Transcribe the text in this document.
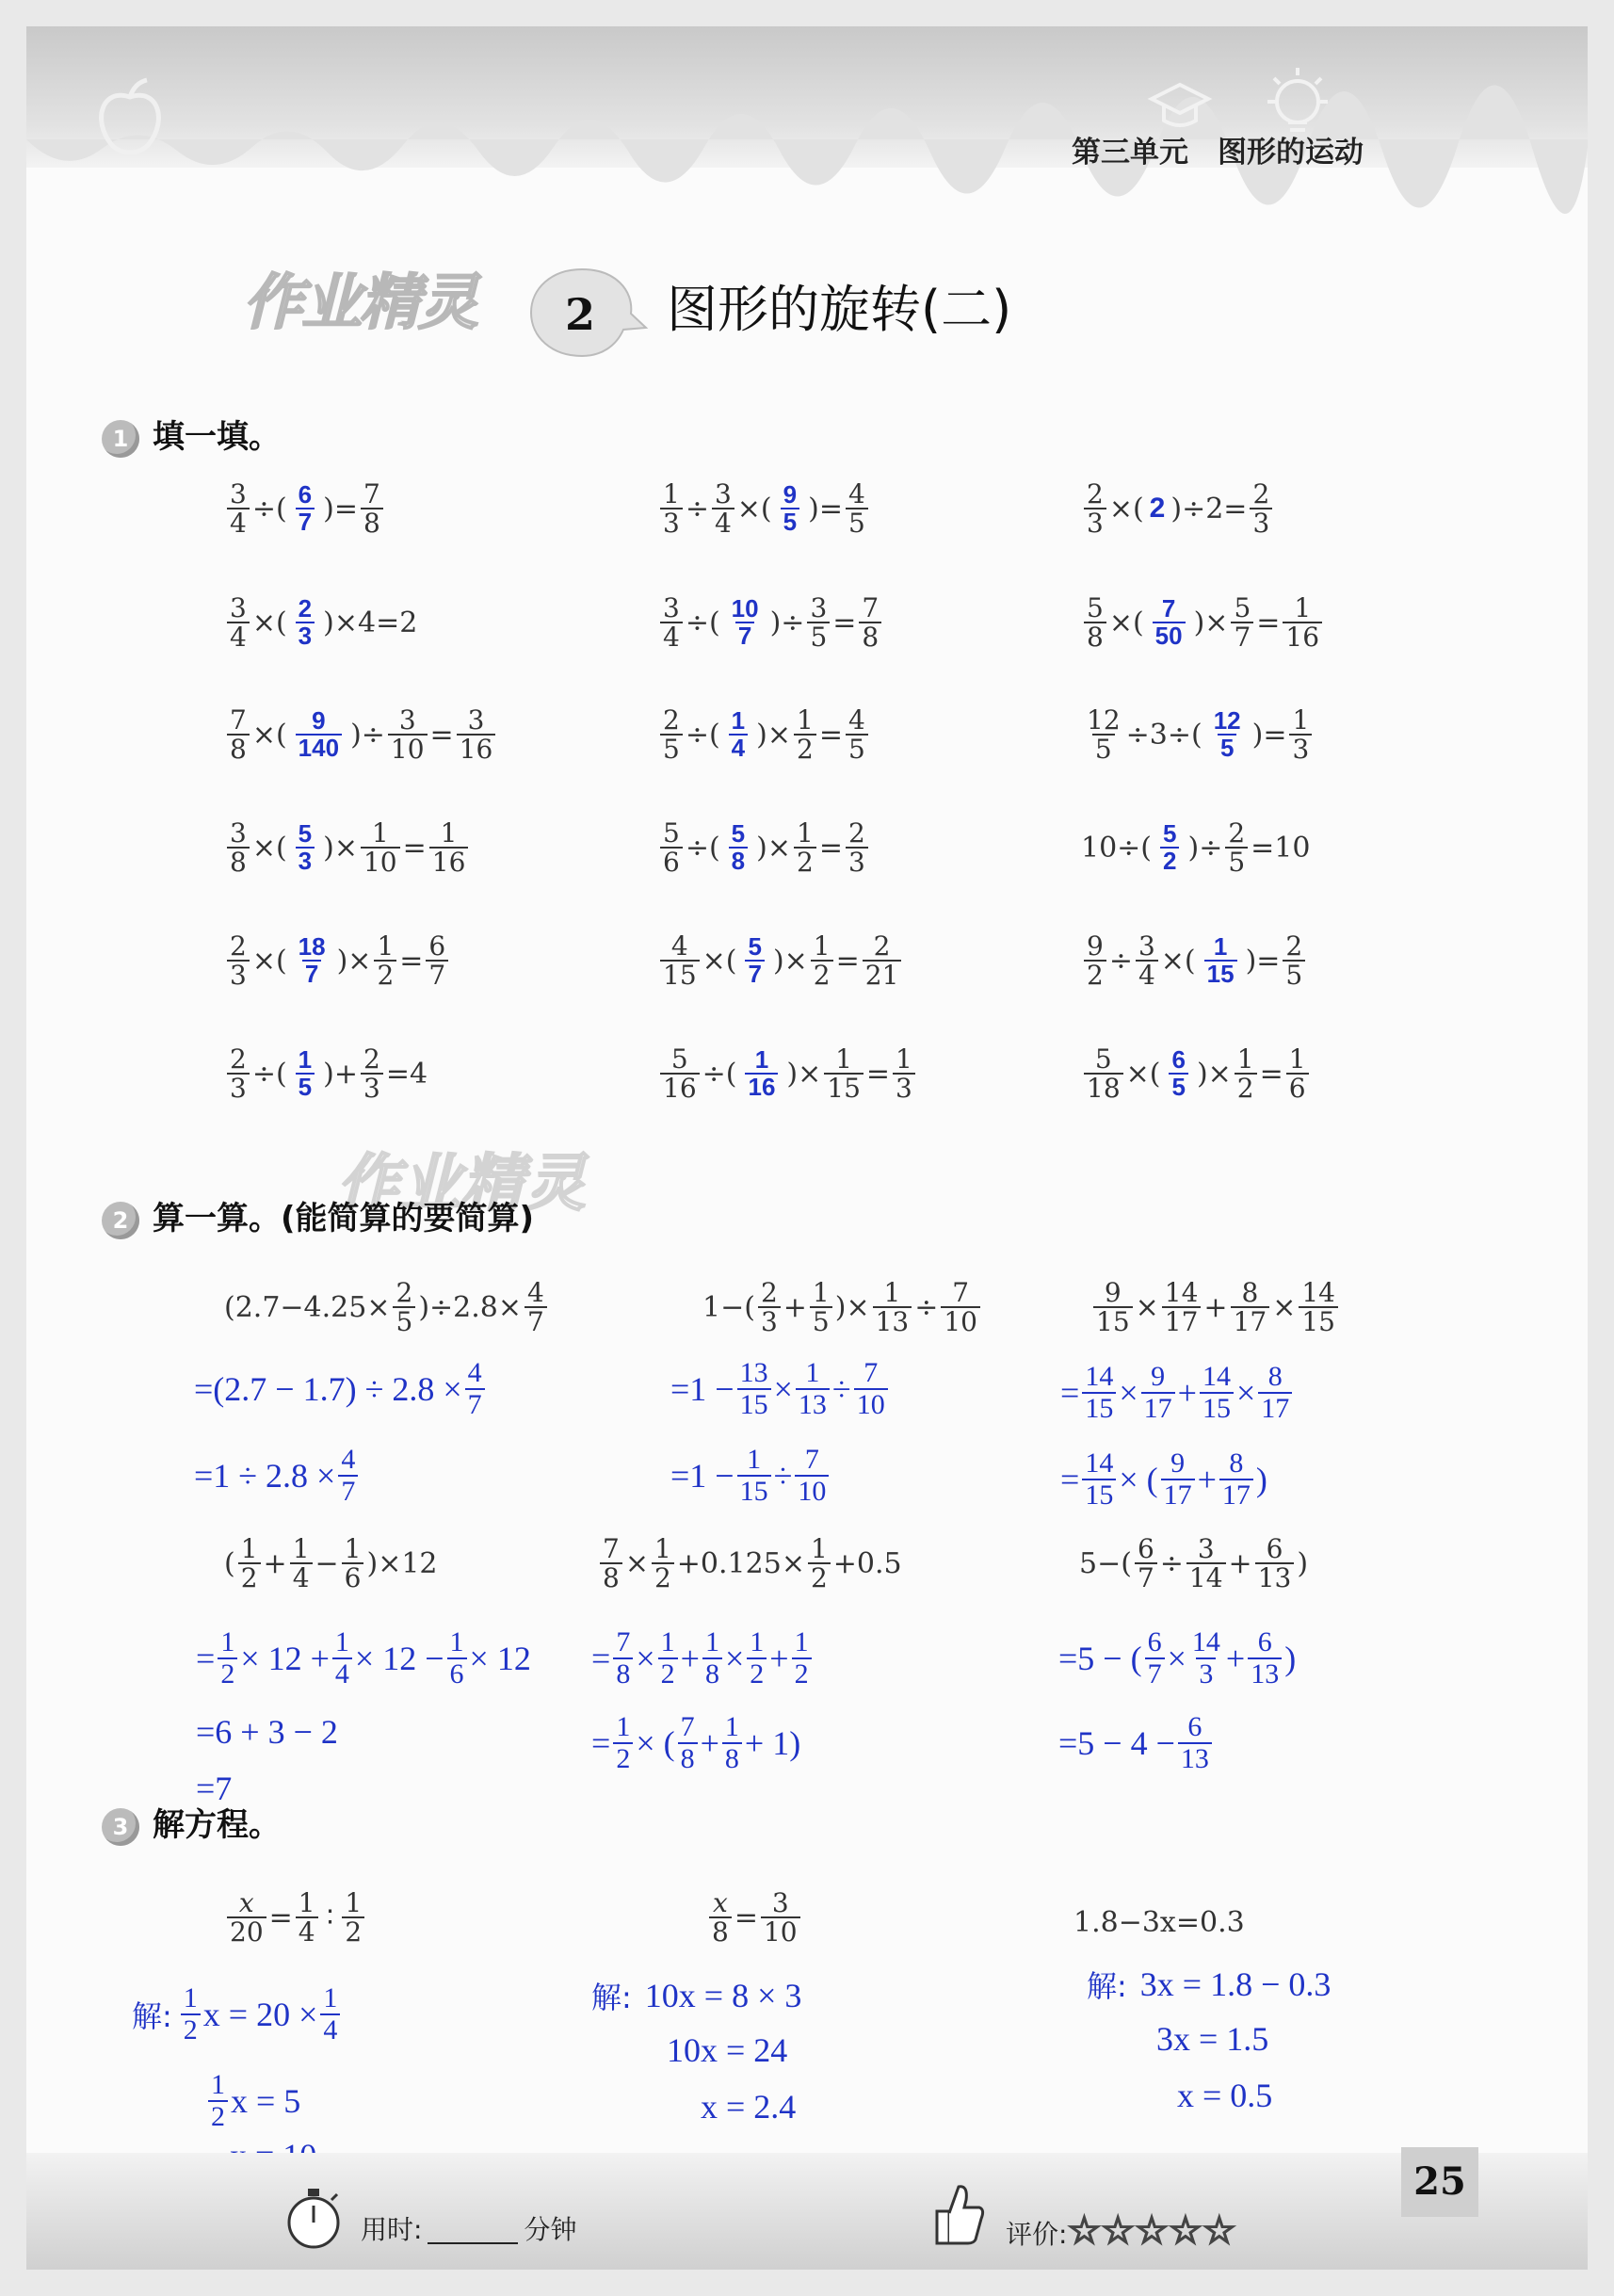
第三单元　图形的运动
作业精灵 2 图形的旋转(二)
1 填一填。
$\frac{3}{4}$ ÷( $\frac{6}{7}$ )= $\frac{7}{8}$	$\frac{1}{3} \div \frac{3}{4}$ ×( $\frac{9}{5}$ )= $\frac{4}{5}$	$\frac{2}{3}$ ×( 2 )$\div 2= \frac{2}{3}$
$\frac{3}{4}$ ×( $\frac{2}{3} )\times 4=2$	$\frac{3}{4}$ ÷( $\frac{10}{7}$ )÷ $\frac{3}{5} = \frac{7}{8}$	$\frac{5}{8}$ ×( $\frac{7}{50}$ )× $\frac{5}{7} = \frac{1}{16}$
$\frac{7}{8}$ ×( $\frac{9}{140}$ )÷ $\frac{3}{10} = \frac{3}{16}$	$\frac{2}{5}$ ÷( $\frac{1}{4}$ )× $\frac{1}{2} = \frac{4}{5}$	$\frac{12}{5} \div 3\div( \frac{12}{5}$ )= $\frac{1}{3}$
$\frac{3}{8}$ ×( $\frac{5}{3}$ )× $\frac{1}{10} = \frac{1}{16}$	$\frac{5}{6}$ ÷( $\frac{5}{8}$ )× $\frac{1}{2} = \frac{2}{3}$	$10\div( \frac{5}{2}$ )÷ $\frac{2}{5} =10$
$\frac{2}{3}$ ×( $\frac{18}{7}$ )× $\frac{1}{2} = \frac{6}{7}$	$\frac{4}{15}$ ×( $\frac{5}{7}$ )× $\frac{1}{2} = \frac{2}{21}$	$\frac{9}{2} \div \frac{3}{4}$ ×( $\frac{1}{15}$ )= $\frac{2}{5}$
$\frac{2}{3}$ ÷( $\frac{1}{5}$ )+ $\frac{2}{3} =4$	$\frac{5}{16}$ ÷( $\frac{1}{16}$ )× $\frac{1}{15} = \frac{1}{3}$	$\frac{5}{18}$ ×( $\frac{6}{5}$ )× $\frac{1}{2} = \frac{1}{6}$
作业精灵
2 算一算。(能简算的要简算)
$(2.7-4.25\times \frac{2}{5} )\div 2.8\times \frac{4}{7}$
$=(2.7 - 1.7) \div 2.8 \times \frac{4}{7}$
$=1 \div 2.8 \times \frac{4}{7}$
1−( 2
$3 + \frac{1}{5}$ )× $\frac{1}{13} \div \frac{7}{10}$
$=1 - \frac{13}{15} \times \frac{1}{13} \div \frac{7}{10}$
$=1 - \frac{1}{15} \div \frac{7}{10}$
$\frac{9}{15} \times \frac{14}{17} + \frac{8}{17} \times \frac{14}{15}$
= $\frac{14}{15} \times \frac{9}{17} + \frac{14}{15} \times \frac{8}{17}$
= $\frac{14}{15}$ × ( 9
$17 + \frac{8}{17}$ )
( 1
$2 + \frac{1}{4} - \frac{1}{6} )\times 12$
= $\frac{1}{2} \times 12 + \frac{1}{4} \times 12 - \frac{1}{6} \times 12$
=6 + 3 − 2
=7
$\frac{7}{8} \times \frac{1}{2} +0.125\times \frac{1}{2} +0.5$
= $\frac{7}{8} \times \frac{1}{2} + \frac{1}{8} \times \frac{1}{2} + \frac{1}{2}$
= $\frac{1}{2}$ × ( 7
$8 + \frac{1}{8} + 1$)
$5-( \frac{6}{7} \div \frac{3}{14} + \frac{6}{13}$ )
=5 − ( $\frac{6}{7} \times \frac{14}{3} + \frac{6}{13}$ )
$=5 - 4 - \frac{6}{13}$
3 解方程。
$\frac{x}{20} = \frac{1}{4}$ ∶ 1
2
解: 1
2 $x = 20 \times \frac{1}{4}$
1
2 x = 5
$\frac{x}{8} = \frac{3}{10}$
解: 10x = 8 × 3
10x = 24
x = 2.4
1.8−3x=0.3
解: 3x = 1.8 − 0.3
3x = 1.5
x = 0.5
用时:	分钟	评价:☆☆☆☆☆
25
